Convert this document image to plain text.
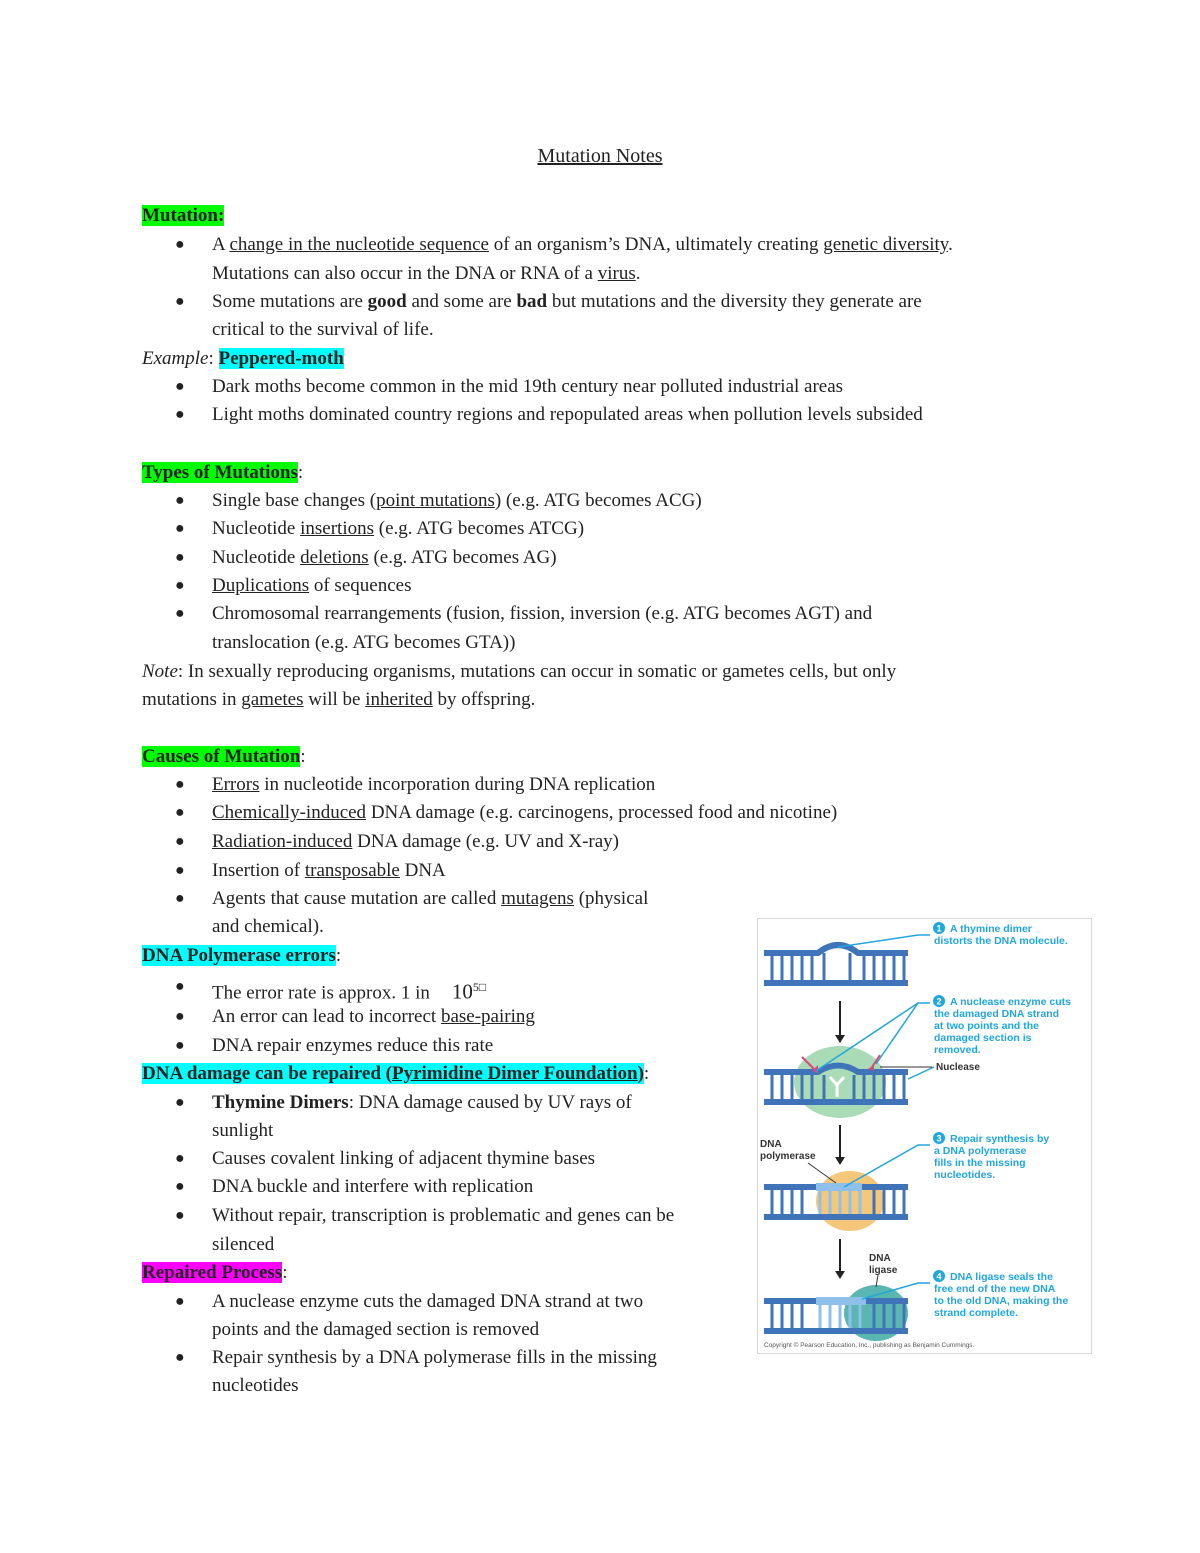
Mutation Notes
Mutation:
● A change in the nucleotide sequence of an organism’s DNA, ultimately creating genetic diversity.
Mutations can also occur in the DNA or RNA of a virus.
● Some mutations are good and some are bad but mutations and the diversity they generate are
critical to the survival of life.
Example: Peppered-moth
● Dark moths become common in the mid 19th century near polluted industrial areas
● Light moths dominated country regions and repopulated areas when pollution levels subsided
Types of Mutations:
● Single base changes (point mutations) (e.g. ATG becomes ACG)
● Nucleotide insertions (e.g. ATG becomes ATCG)
● Nucleotide deletions (e.g. ATG becomes AG)
● Duplications of sequences
● Chromosomal rearrangements (fusion, fission, inversion (e.g. ATG becomes AGT) and
translocation (e.g. ATG becomes GTA))
Note: In sexually reproducing organisms, mutations can occur in somatic or gametes cells, but only
mutations in gametes will be inherited by offspring.
Causes of Mutation:
● Errors in nucleotide incorporation during DNA replication
● Chemically-induced DNA damage (e.g. carcinogens, processed food and nicotine)
● Radiation-induced DNA damage (e.g. UV and X-ray)
● Insertion of transposable DNA
● Agents that cause mutation are called mutagens (physical
and chemical).
DNA Polymerase errors:
● The error rate is approx. 1 in $10^{5□}$
● An error can lead to incorrect base-pairing
● DNA repair enzymes reduce this rate
DNA damage can be repaired (Pyrimidine Dimer Foundation):
● Thymine Dimers: DNA damage caused by UV rays of
sunlight
● Causes covalent linking of adjacent thymine bases
● DNA buckle and interfere with replication
● Without repair, transcription is problematic and genes can be
silenced
Repaired Process:
● A nuclease enzyme cuts the damaged DNA strand at two
points and the damaged section is removed
● Repair synthesis by a DNA polymerase fills in the missing
nucleotides
1 A thymine dimer
distorts the DNA molecule.
2 A nuclease enzyme cuts
the damaged DNA strand
at two points and the
damaged section is
removed.
Nuclease
DNA
polymerase
3 Repair synthesis by
a DNA polymerase
fills in the missing
nucleotides.
DNA
ligase
4 DNA ligase seals the
free end of the new DNA
to the old DNA, making the
strand complete.
Copyright © Pearson Education, Inc., publishing as Benjamin Cummings.
